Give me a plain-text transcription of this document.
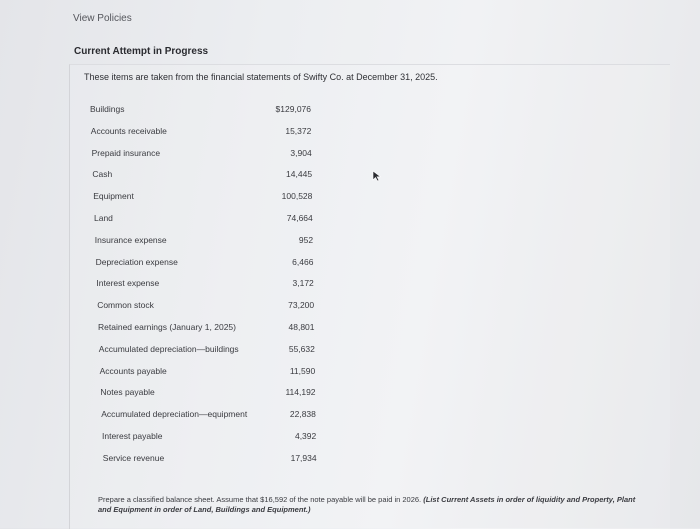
View Policies
Current Attempt in Progress
These items are taken from the financial statements of Swifty Co. at December 31, 2025.
Buildings	$129,076
Accounts receivable	15,372
Prepaid insurance	3,904
Cash	14,445
Equipment	100,528
Land	74,664
Insurance expense	952
Depreciation expense	6,466
Interest expense	3,172
Common stock	73,200
Retained earnings (January 1, 2025)	48,801
Accumulated depreciation—buildings	55,632
Accounts payable	11,590
Notes payable	114,192
Accumulated depreciation—equipment	22,838
Interest payable	4,392
Service revenue	17,934
Prepare a classified balance sheet. Assume that $16,592 of the note payable will be paid in 2026. (List Current Assets in order of liquidity and Property, Plant and Equipment in order of Land, Buildings and Equipment.)
